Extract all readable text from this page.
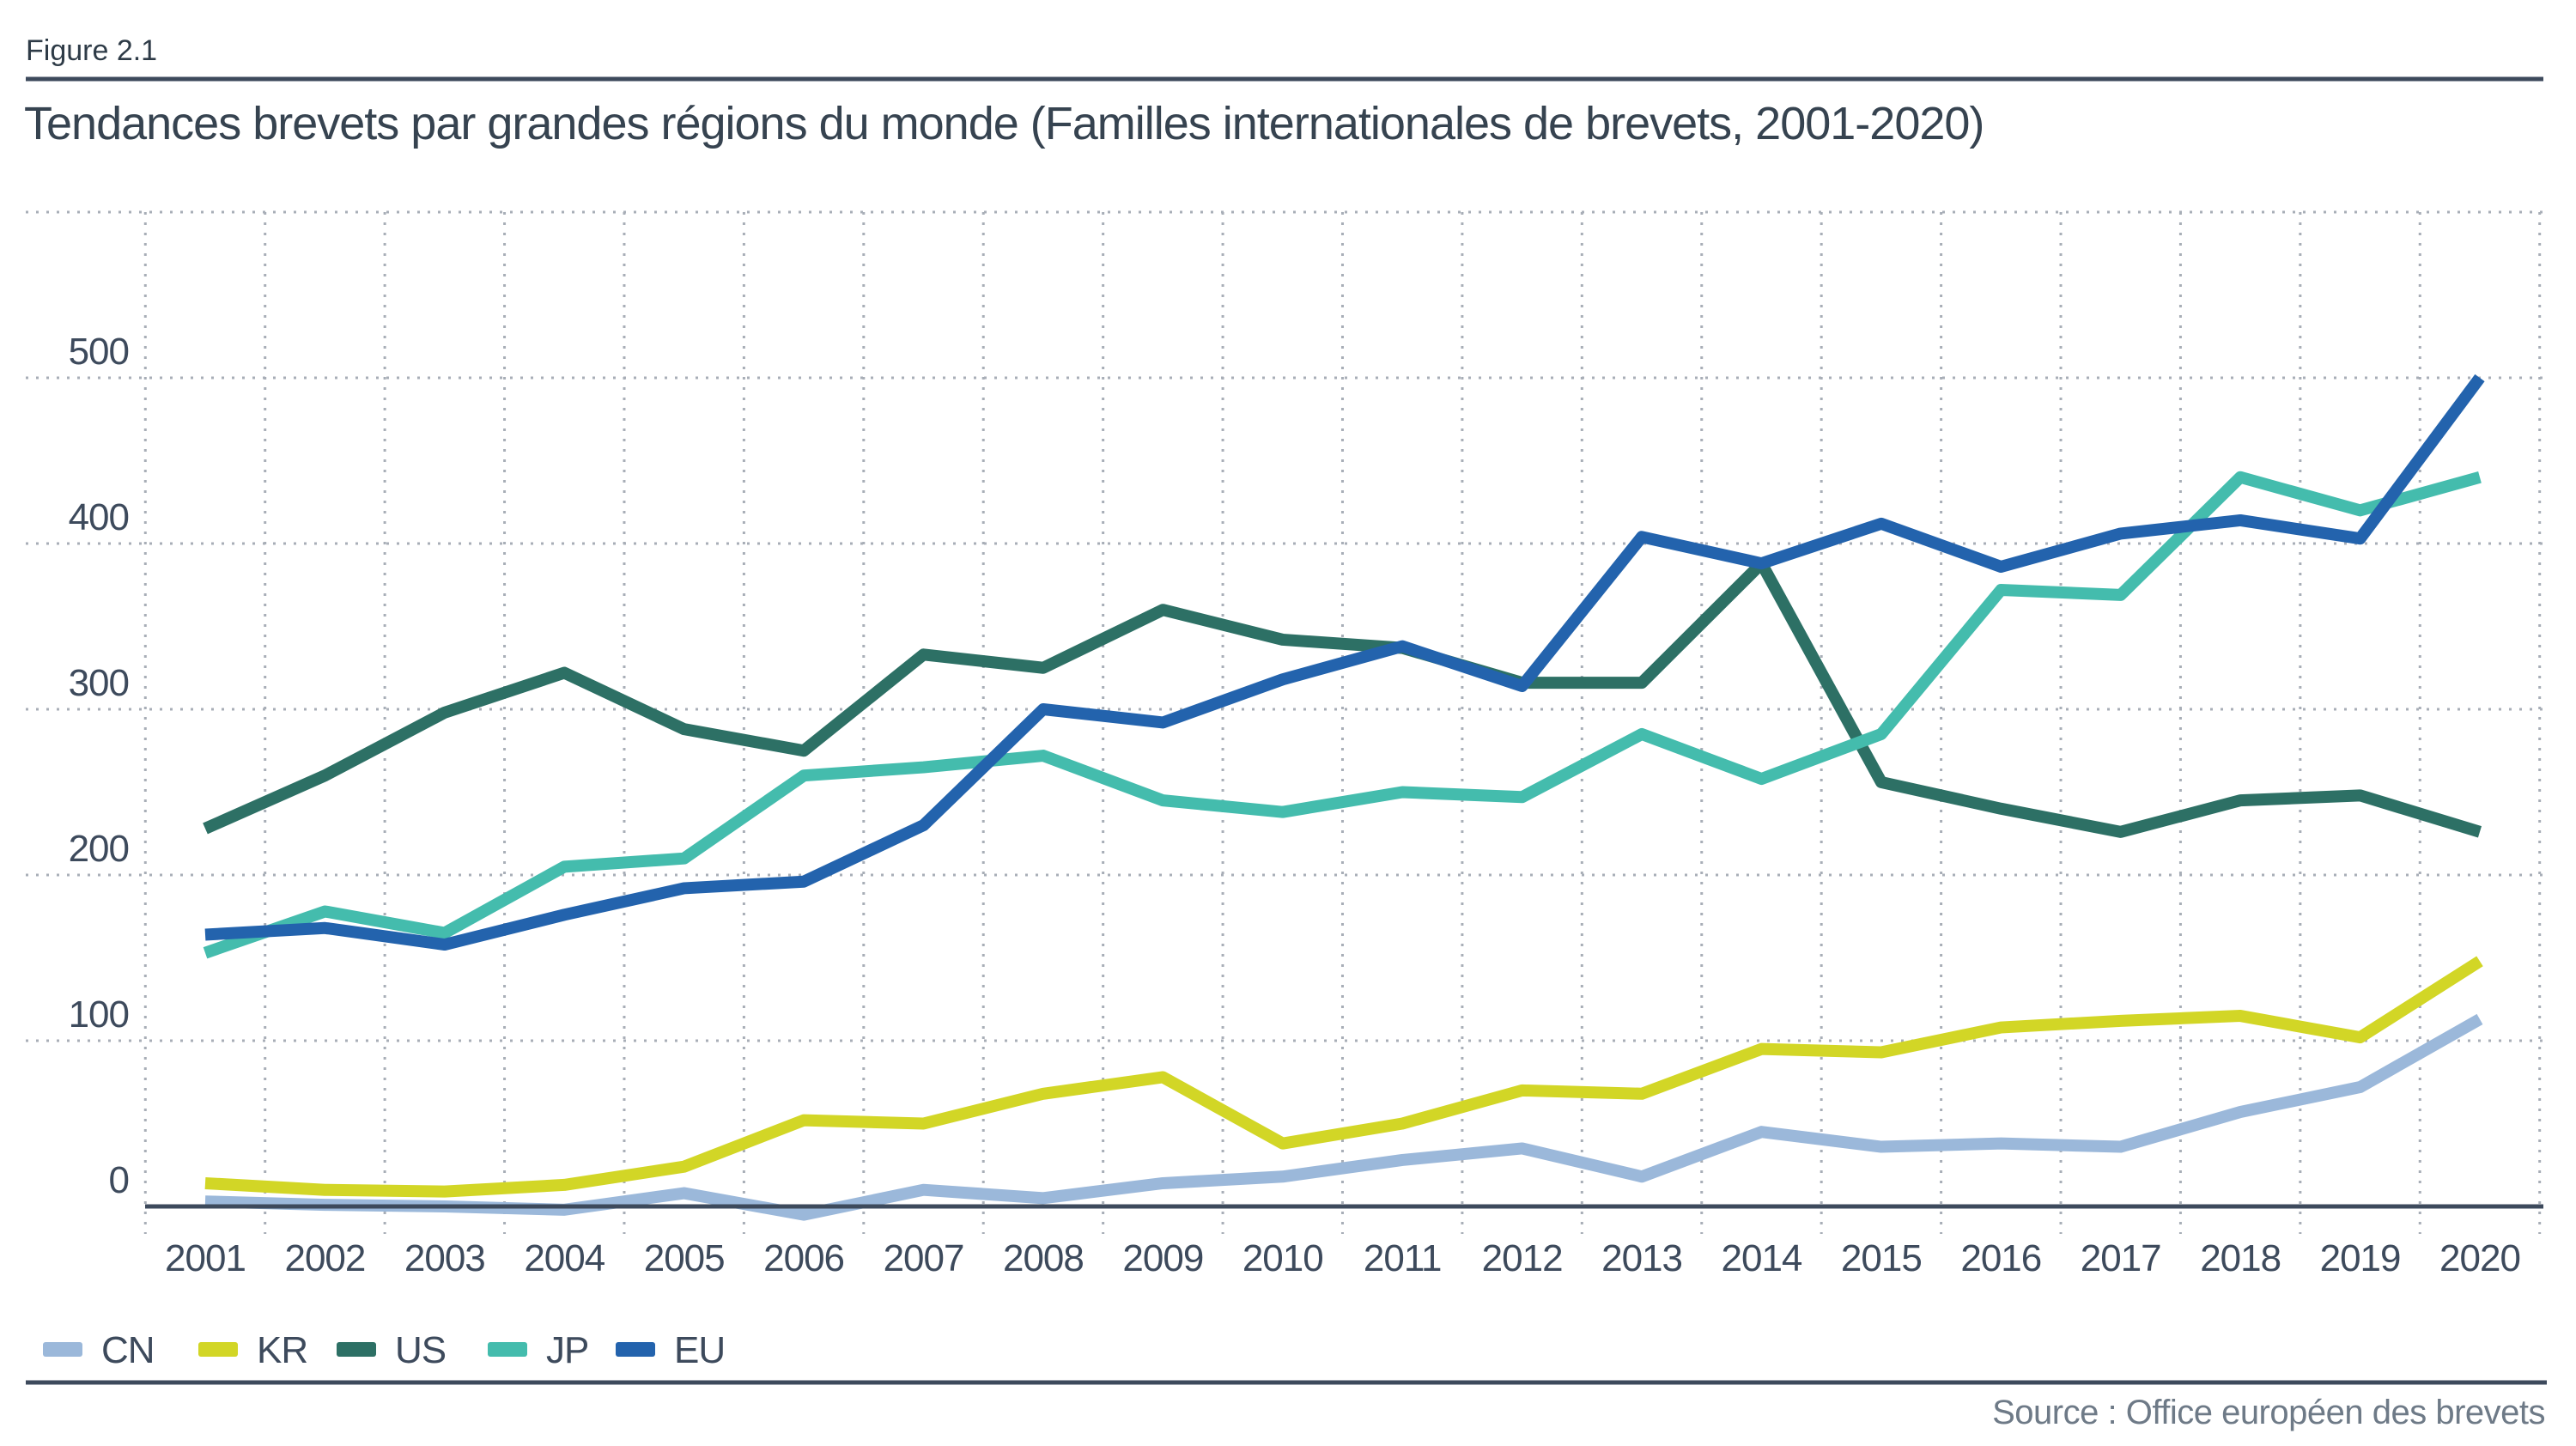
Figure 2.1
Tendances brevets par grandes régions du monde (Familles internationales de brevets, 2001-2020)
0
100
200
300
400
500
2001 2002 2003 2004 2005 2006 2007 2008 2009 2010 2011 2012 2013 2014 2015 2016 2017 2018 2019 2020
CN	KR US	JP EU
Source : Office européen des brevets
